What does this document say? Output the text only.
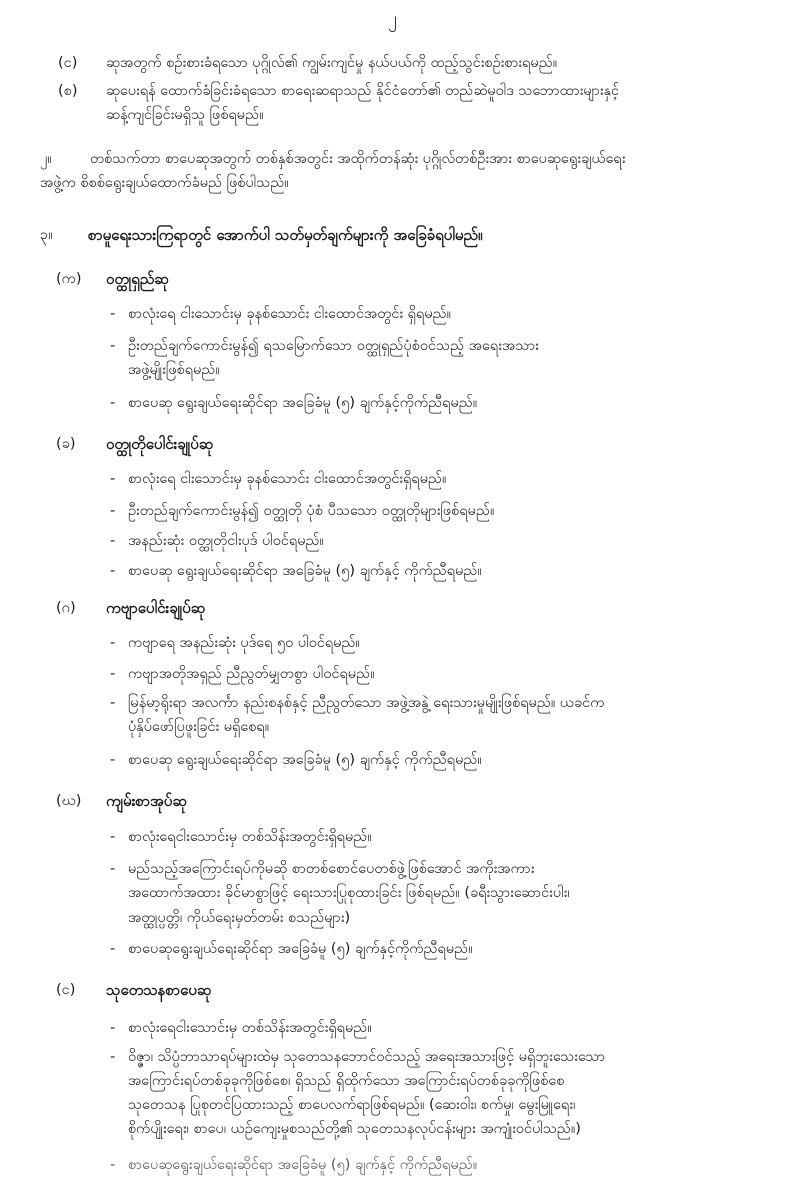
၂
(င) ဆုအတွက် စဉ်းစားခံရသော ပုဂ္ဂိုလ်၏ ကျွမ်းကျင်မှု နယ်ပယ်ကို ထည့်သွင်းစဉ်းစားရမည်။
(စ) ဆုပေးရန် ထောက်ခံခြင်းခံရသော စာရေးဆရာသည် နိုင်ငံတော်၏ တည်ဆဲမူဝါဒ သဘောထားများနှင့်
ဆန့်ကျင်ခြင်းမရှိသူ ဖြစ်ရမည်။
၂။	တစ်သက်တာ စာပေဆုအတွက် တစ်နှစ်အတွင်း အထိုက်တန်ဆုံး ပုဂ္ဂိုလ်တစ်ဦးအား စာပေဆုရွေးချယ်ရေး
အဖွဲ့က စိစစ်ရွေးချယ်ထောက်ခံမည် ဖြစ်ပါသည်။
၃။ စာမူရေးသားကြရာတွင် အောက်ပါ သတ်မှတ်ချက်များကို အခြေခံရပါမည်။
(က) ဝတ္ထုရှည်ဆု
- စာလုံးရေ ငါးသောင်းမှ ခုနစ်သောင်း ငါးထောင်အတွင်း ရှိရမည်။
- ဦးတည်ချက်ကောင်းမွန်၍ ရသမြောက်သော ဝတ္ထုရှည်ပုံစံဝင်သည့် အရေးအသား
အဖွဲ့မျိုးဖြစ်ရမည်။
- စာပေဆု ရွေးချယ်ရေးဆိုင်ရာ အခြေခံမူ (၅) ချက်နှင့်ကိုက်ညီရမည်။
(ခ) ဝတ္ထုတိုပေါင်းချုပ်ဆု
- စာလုံးရေ ငါးသောင်းမှ ခုနစ်သောင်း ငါးထောင်အတွင်းရှိရမည်။
- ဦးတည်ချက်ကောင်းမွန်၍ ဝတ္ထုတို ပုံစံ ပီသသော ဝတ္ထုတိုများဖြစ်ရမည်။
- အနည်းဆုံး ဝတ္ထုတိုငါးပုဒ် ပါဝင်ရမည်။
- စာပေဆု ရွေးချယ်ရေးဆိုင်ရာ အခြေခံမူ (၅) ချက်နှင့် ကိုက်ညီရမည်။
(ဂ) ကဗျာပေါင်းချုပ်ဆု
- ကဗျာရေ အနည်းဆုံး ပုဒ်ရေ ၅၀ ပါဝင်ရမည်။
- ကဗျာအတိုအရှည် ညီညွတ်မျှတစွာ ပါဝင်ရမည်။
- မြန်မာ့ရိုးရာ အလင်္ကာ နည်းစနစ်နှင့် ညီညွတ်သော အဖွဲ့အနွဲ့ ရေးသားမှုမျိုးဖြစ်ရမည်။ ယခင်က
ပုံနှိပ်ဖော်ပြဖူးခြင်း မရှိစေရ။
- စာပေဆု ရွေးချယ်ရေးဆိုင်ရာ အခြေခံမူ (၅) ချက်နှင့် ကိုက်ညီရမည်။
(ဃ) ကျမ်းစာအုပ်ဆု
- စာလုံးရေငါးသောင်းမှ တစ်သိန်းအတွင်းရှိရမည်။
- မည်သည့်အကြောင်းရပ်ကိုမဆို စာတစ်စောင်ပေတစ်ဖွဲ့ဖြစ်အောင် အကိုးအကား
အထောက်အထား ခိုင်မာစွာဖြင့် ရေးသားပြုစုထားခြင်း ဖြစ်ရမည်။ (ခရီးသွားဆောင်းပါး၊
အတ္ထုပ္ပတ္တိ၊ ကိုယ်ရေးမှတ်တမ်း စသည်များ)
- စာပေဆုရွေးချယ်ရေးဆိုင်ရာ အခြေခံမူ (၅) ချက်နှင့်ကိုက်ညီရမည်။
(င) သုတေသနစာပေဆု
- စာလုံးရေငါးသောင်းမှ တစ်သိန်းအတွင်းရှိရမည်။
- ဝိဇ္ဇာ၊ သိပ္ပံဘာသာရပ်များထဲမှ သုတေသနဘောင်ဝင်သည့် အရေးအသားဖြင့် မရှိဘူးသေးသော
အကြောင်းရပ်တစ်ခုခုကိုဖြစ်စေ၊ ရှိသည် ရှိထိုက်သော အကြောင်းရပ်တစ်ခုခုကိုဖြစ်စေ
သုတေသန ပြုစုတင်ပြထားသည့် စာပေလက်ရာဖြစ်ရမည်။ (ဆေးဝါး၊ စက်မှု၊ မွေးမြူရေး၊
စိုက်ပျိုးရေး၊ စာပေ၊ ယဉ်ကျေးမှုစသည်တို့၏ သုတေသနလုပ်ငန်းများ အကျုံးဝင်ပါသည်။)
- စာပေဆုရွေးချယ်ရေးဆိုင်ရာ အခြေခံမူ (၅) ချက်နှင့် ကိုက်ညီရမည်။
